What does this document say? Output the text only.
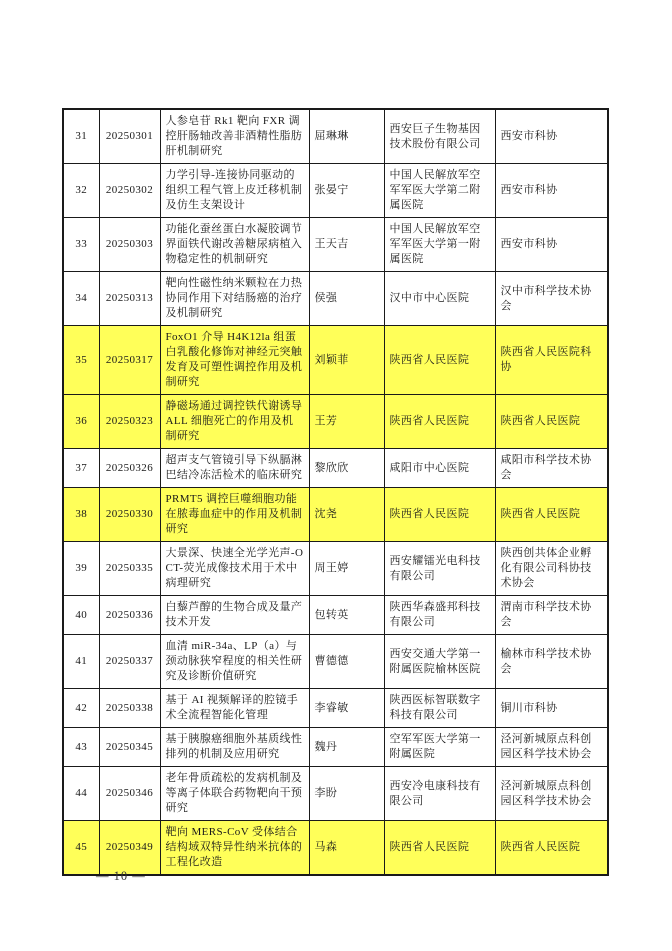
31	20250301	人参皂苷 Rk1 靶向 FXR 调控肝肠轴改善非酒精性脂肪肝机制研究	屈琳琳	西安巨子生物基因技术股份有限公司	西安市科协
32	20250302	力学引导-连接协同驱动的组织工程气管上皮迁移机制及仿生支架设计	张晏宁	中国人民解放军空军军医大学第二附属医院	西安市科协
33	20250303	功能化蚕丝蛋白水凝胶调节界面铁代谢改善糖尿病植入物稳定性的机制研究	王天吉	中国人民解放军空军军医大学第一附属医院	西安市科协
34	20250313	靶向性磁性纳米颗粒在力热协同作用下对结肠癌的治疗及机制研究	侯强	汉中市中心医院	汉中市科学技术协会
35	20250317	FoxO1 介导 H4K12la 组蛋白乳酸化修饰对神经元突触发育及可塑性调控作用及机制研究	刘颖菲	陕西省人民医院	陕西省人民医院科协
36	20250323	静磁场通过调控铁代谢诱导 ALL 细胞死亡的作用及机制研究	王芳	陕西省人民医院	陕西省人民医院
37	20250326	超声支气管镜引导下纵膈淋巴结冷冻活检术的临床研究	黎欣欣	咸阳市中心医院	咸阳市科学技术协会
38	20250330	PRMT5 调控巨噬细胞功能在脓毒血症中的作用及机制研究	沈尧	陕西省人民医院	陕西省人民医院
39	20250335	大景深、快速全光学光声-OCT-荧光成像技术用于术中病理研究	周王婷	西安耀镭光电科技有限公司	陕西创共体企业孵化有限公司科协技术协会
40	20250336	白藜芦醇的生物合成及量产技术开发	包转英	陕西华森盛邦科技有限公司	渭南市科学技术协会
41	20250337	血清 miR-34a、LP（a）与颈动脉狭窄程度的相关性研究及诊断价值研究	曹德德	西安交通大学第一附属医院榆林医院	榆林市科学技术协会
42	20250338	基于 AI 视频解译的腔镜手术全流程智能化管理	李睿敏	陕西医标智联数字科技有限公司	铜川市科协
43	20250345	基于胰腺癌细胞外基质线性排列的机制及应用研究	魏丹	空军军医大学第一附属医院	泾河新城原点科创园区科学技术协会
44	20250346	老年骨质疏松的发病机制及等离子体联合药物靶向干预研究	李盼	西安冷电康科技有限公司	泾河新城原点科创园区科学技术协会
45	20250349	靶向 MERS-CoV 受体结合结构域双特异性纳米抗体的工程化改造	马森	陕西省人民医院	陕西省人民医院
— 10 —
